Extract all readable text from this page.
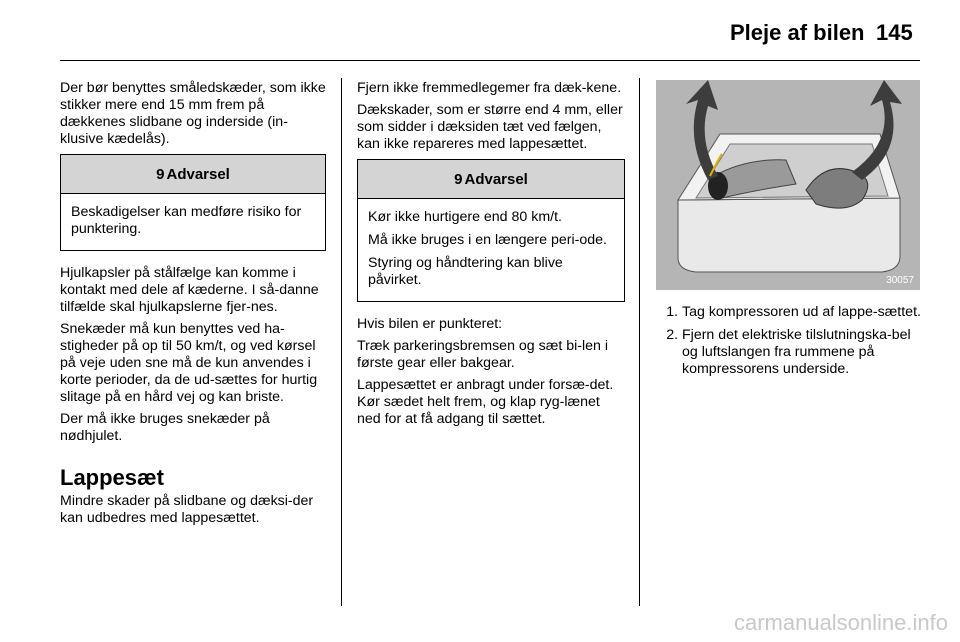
Pleje af bilen 145

Der bør benyttes småledskæder, som ikke stikker mere end 15 mm frem på dækkenes slidbane og inderside (in-klusive kædelås).

9 Advarsel

Beskadigelser kan medføre risiko for punktering.

Hjulkapsler på stålfælge kan komme i kontakt med dele af kæderne. I så-danne tilfælde skal hjulkapslerne fjer-nes.

Snekæder må kun benyttes ved ha-stigheder på op til 50 km/t, og ved kørsel på veje uden sne må de kun anvendes i korte perioder, da de ud-sættes for hurtig slitage på en hård vej og kan briste.

Der må ikke bruges snekæder på nødhjulet.

Lappesæt

Mindre skader på slidbane og dæksi-der kan udbedres med lappesættet.

Fjern ikke fremmedlegemer fra dæk-kene.

Dækskader, som er større end 4 mm, eller som sidder i dæksiden tæt ved fælgen, kan ikke repareres med lappesættet.

9 Advarsel

Kør ikke hurtigere end 80 km/t.

Må ikke bruges i en længere peri-ode.

Styring og håndtering kan blive påvirket.

Hvis bilen er punkteret:

Træk parkeringsbremsen og sæt bi-len i første gear eller bakgear.

Lappesættet er anbragt under forsæ-det. Kør sædet helt frem, og klap ryg-lænet ned for at få adgang til sættet.

30057
1. Tag kompressoren ud af lappe-sættet.
2. Fjern det elektriske tilslutningska-bel og luftslangen fra rummene på kompressorens underside.
carmanualsonline.info
